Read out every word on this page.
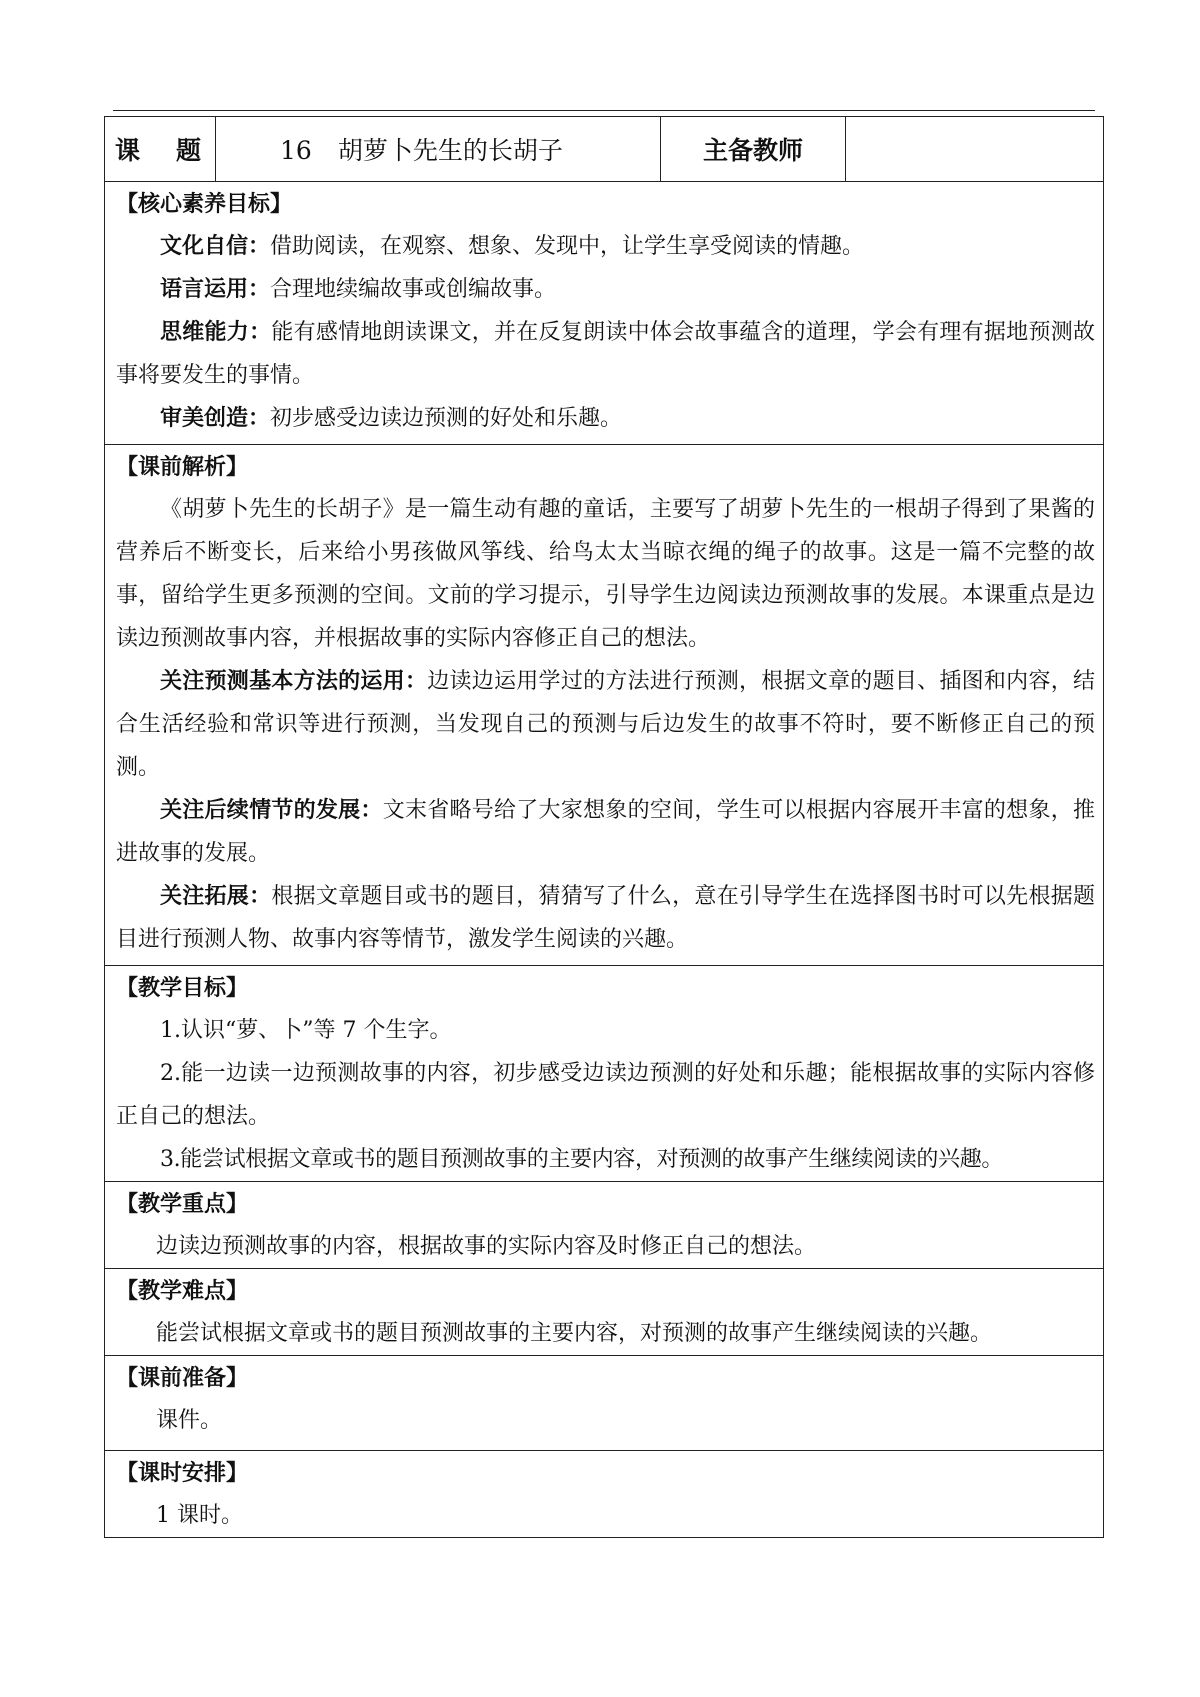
课 题	16 胡萝卜先生的长胡子	主备教师	

【核心素养目标】

文化自信：借助阅读，在观察、想象、发现中，让学生享受阅读的情趣。

语言运用：合理地续编故事或创编故事。

思维能力：能有感情地朗读课文，并在反复朗读中体会故事蕴含的道理，学会有理有据地预测故事将要发生的事情。

审美创造：初步感受边读边预测的好处和乐趣。

【课前解析】

《胡萝卜先生的长胡子》是一篇生动有趣的童话，主要写了胡萝卜先生的一根胡子得到了果酱的营养后不断变长，后来给小男孩做风筝线、给鸟太太当晾衣绳的绳子的故事。这是一篇不完整的故事，留给学生更多预测的空间。文前的学习提示，引导学生边阅读边预测故事的发展。本课重点是边读边预测故事内容，并根据故事的实际内容修正自己的想法。

关注预测基本方法的运用：边读边运用学过的方法进行预测，根据文章的题目、插图和内容，结合生活经验和常识等进行预测，当发现自己的预测与后边发生的故事不符时，要不断修正自己的预测。

关注后续情节的发展：文末省略号给了大家想象的空间，学生可以根据内容展开丰富的想象，推进故事的发展。

关注拓展：根据文章题目或书的题目，猜猜写了什么，意在引导学生在选择图书时可以先根据题目进行预测人物、故事内容等情节，激发学生阅读的兴趣。

【教学目标】

1.认识“萝、卜”等 7 个生字。

2.能一边读一边预测故事的内容，初步感受边读边预测的好处和乐趣；能根据故事的实际内容修正自己的想法。

3.能尝试根据文章或书的题目预测故事的主要内容，对预测的故事产生继续阅读的兴趣。

【教学重点】

边读边预测故事的内容，根据故事的实际内容及时修正自己的想法。

【教学难点】

能尝试根据文章或书的题目预测故事的主要内容，对预测的故事产生继续阅读的兴趣。

【课前准备】

课件。

【课时安排】

1 课时。
